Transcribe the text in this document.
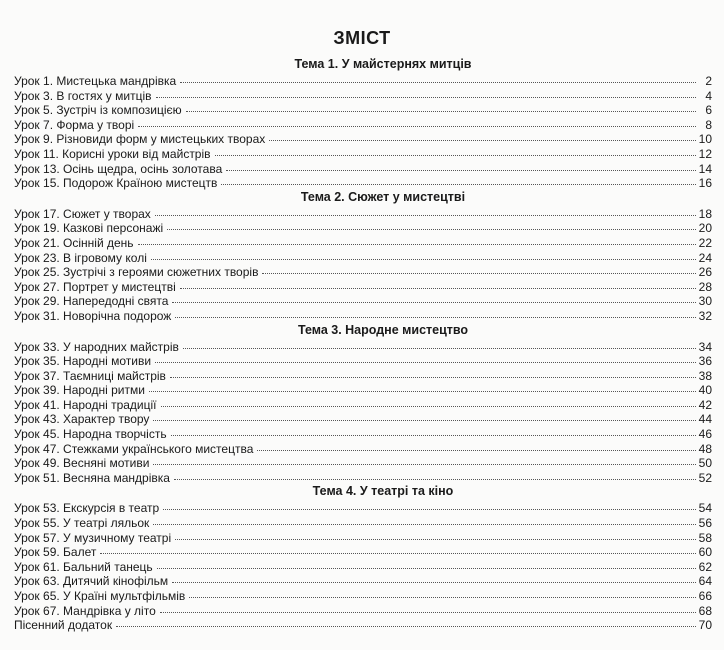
ЗМІСТ
Тема 1. У майстернях митців
Урок 1. Мистецька мандрівка	2
Урок 3. В гостях у митців	4
Урок 5. Зустріч із композицією	6
Урок 7. Форма у творі	8
Урок 9. Різновиди форм у мистецьких творах	10
Урок 11. Корисні уроки від майстрів	12
Урок 13. Осінь щедра, осінь золотава	14
Урок 15. Подорож Країною мистецтв	16
Тема 2. Сюжет у мистецтві
Урок 17. Сюжет у творах	18
Урок 19. Казкові персонажі	20
Урок 21. Осінній день	22
Урок 23. В ігровому колі	24
Урок 25. Зустрічі з героями сюжетних творів	26
Урок 27. Портрет у мистецтві	28
Урок 29. Напередодні свята	30
Урок 31. Новорічна подорож	32
Тема 3. Народне мистецтво
Урок 33. У народних майстрів	34
Урок 35. Народні мотиви	36
Урок 37. Таємниці майстрів	38
Урок 39. Народні ритми	40
Урок 41. Народні традиції	42
Урок 43. Характер твору	44
Урок 45. Народна творчість	46
Урок 47. Стежками українського мистецтва	48
Урок 49. Весняні мотиви	50
Урок 51. Весняна мандрівка	52
Тема 4. У театрі та кіно
Урок 53. Екскурсія в театр	54
Урок 55. У театрі ляльок	56
Урок 57. У музичному театрі	58
Урок 59. Балет	60
Урок 61. Бальний танець	62
Урок 63. Дитячий кінофільм	64
Урок 65. У Країні мультфільмів	66
Урок 67. Мандрівка у літо	68
Пісенний додаток	70
